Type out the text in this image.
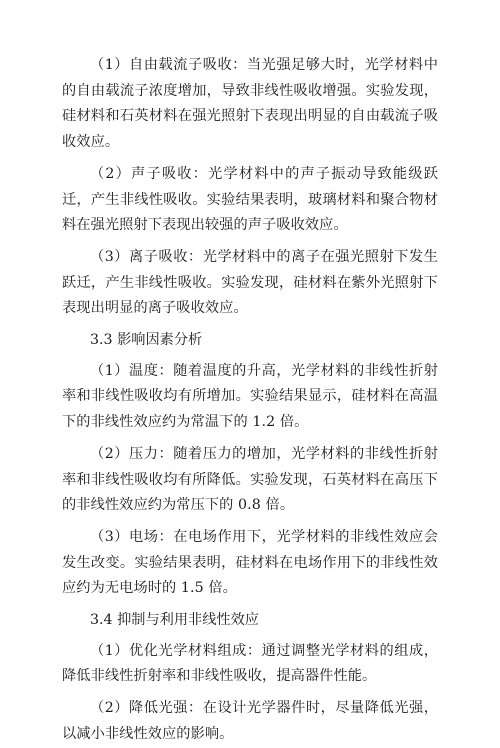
（1）自由载流子吸收：当光强足够大时，光学材料中的自由载流子浓度增加，导致非线性吸收增强。实验发现，硅材料和石英材料在强光照射下表现出明显的自由载流子吸收效应。

（2）声子吸收：光学材料中的声子振动导致能级跃迁，产生非线性吸收。实验结果表明，玻璃材料和聚合物材料在强光照射下表现出较强的声子吸收效应。

（3）离子吸收：光学材料中的离子在强光照射下发生跃迁，产生非线性吸收。实验发现，硅材料在紫外光照射下表现出明显的离子吸收效应。

3.3 影响因素分析

（1）温度：随着温度的升高，光学材料的非线性折射率和非线性吸收均有所增加。实验结果显示，硅材料在高温下的非线性效应约为常温下的 1.2 倍。

（2）压力：随着压力的增加，光学材料的非线性折射率和非线性吸收均有所降低。实验发现，石英材料在高压下的非线性效应约为常压下的 0.8 倍。

（3）电场：在电场作用下，光学材料的非线性效应会发生改变。实验结果表明，硅材料在电场作用下的非线性效应约为无电场时的 1.5 倍。

3.4 抑制与利用非线性效应

（1）优化光学材料组成：通过调整光学材料的组成，降低非线性折射率和非线性吸收，提高器件性能。

（2）降低光强：在设计光学器件时，尽量降低光强，以减小非线性效应的影响。
